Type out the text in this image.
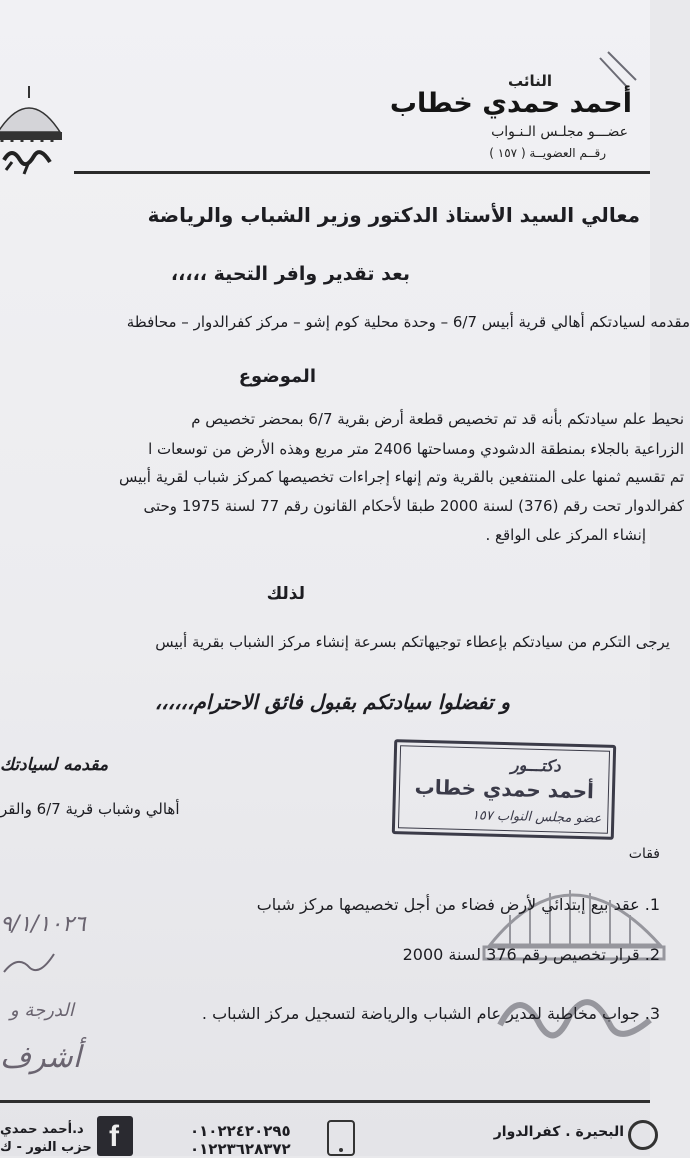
النائب
أحمد حمدي خطاب
عضـــو مجلـس الـنـواب
رقــم العضويــة ( ١٥٧ )
معالي السيد الأستاذ الدكتور وزير الشباب والرياضة
بعد تقدير وافر التحية ،،،،،
مقدمه لسيادتكم أهالي قرية أبيس 6/7 – وحدة محلية كوم إشو – مركز كفرالدوار – محافظة
الموضوع
نحيط علم سيادتكم بأنه قد تم تخصيص قطعة أرض بقرية 6/7 بمحضر تخصيص م
الزراعية بالجلاء بمنطقة الدشودي ومساحتها 2406 متر مربع وهذه الأرض من توسعات ا
تم تقسيم ثمنها على المنتفعين بالقرية وتم إنهاء إجراءات تخصيصها كمركز شباب لقرية أبيس
كفرالدوار تحت رقم (376) لسنة 2000 طبقا لأحكام القانون رقم 77 لسنة 1975 وحتى
إنشاء المركز على الواقع .
لذلك
يرجى التكرم من سيادتكم بإعطاء توجيهاتكم بسرعة إنشاء مركز الشباب بقرية أبيس
و تفضلوا سيادتكم بقبول فائق الاحترام،،،،،،
مقدمه لسيادتك
أهالي وشباب قرية 6/7 والقر
دكتـــور
أحمد حمدي خطاب
عضو مجلس النواب ١٥٧
فقات
1. عقد بيع إبتدائي لأرض فضاء من أجل تخصيصها مركز شباب
2. قرار تخصيص رقم 376 لسنة 2000
3. جواب مخاطبة لمدير عام الشباب والرياضة لتسجيل مركز الشباب .
٩/١/١٠٢٦
الدرجة و
أشرف
البحيرة . كفرالدوار
٠١٠٢٢٤٢٠٢٩٥
٠١٢٢٣٦٢٨٣٧٢
f
د.أحمد حمدي
حزب النور - ك
